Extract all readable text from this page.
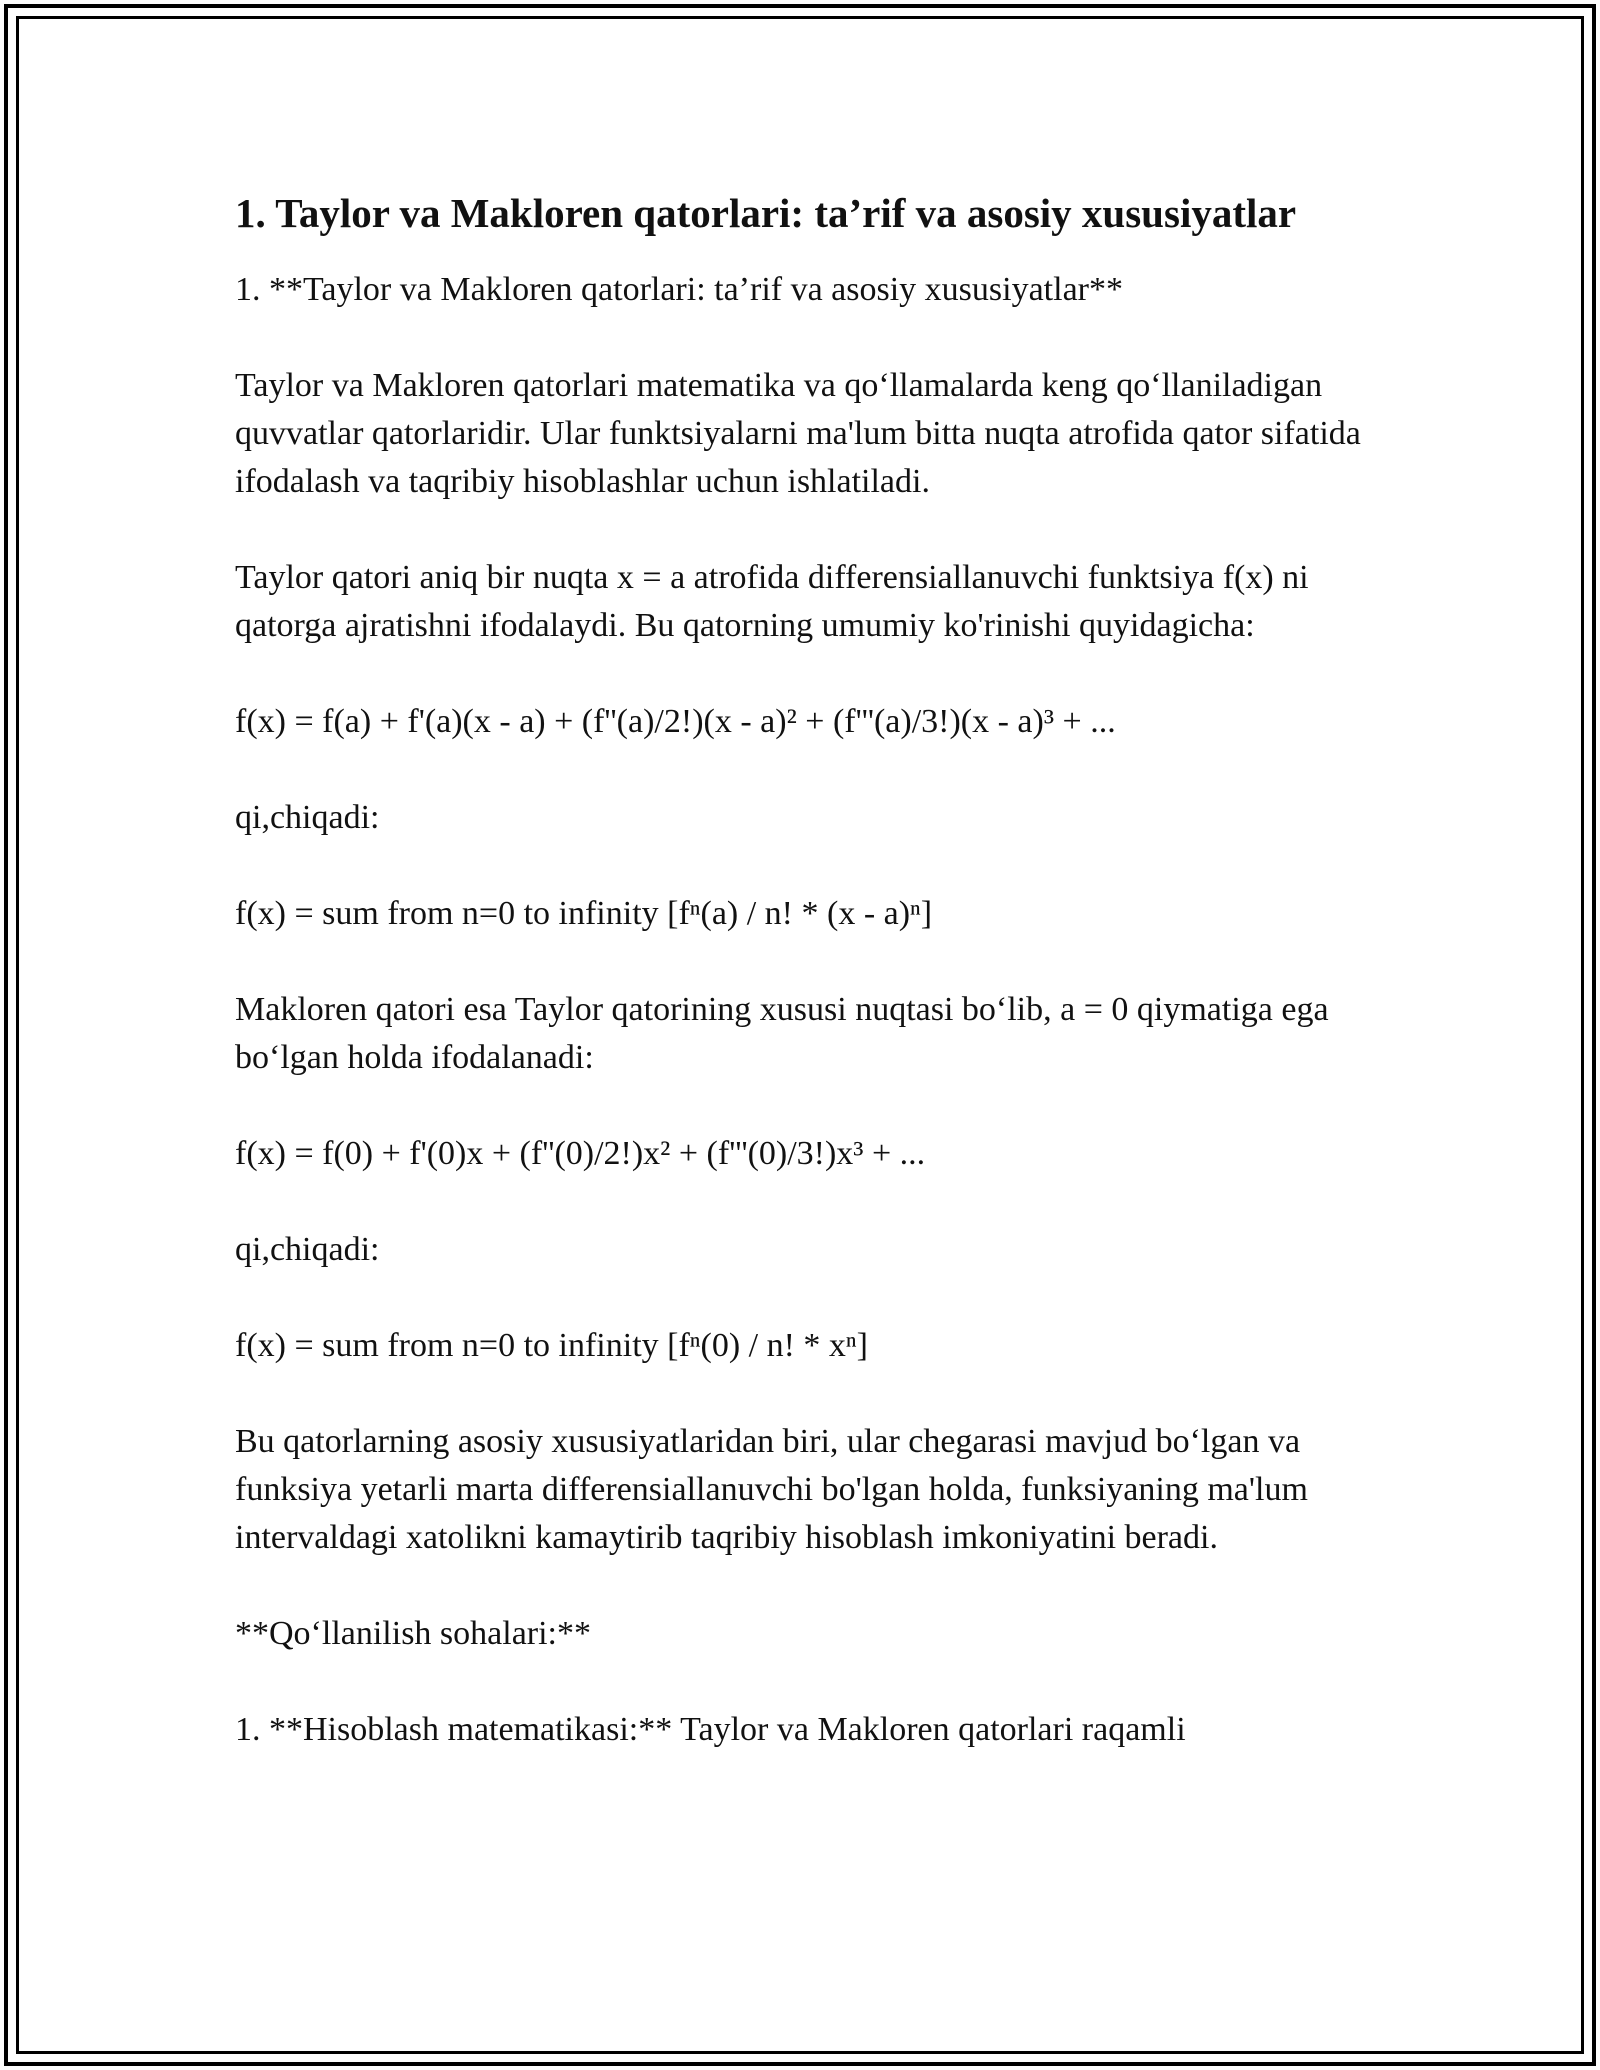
1. Taylor va Makloren qatorlari: ta’rif va asosiy xususiyatlar

1. **Taylor va Makloren qatorlari: ta’rif va asosiy xususiyatlar**

Taylor va Makloren qatorlari matematika va qo‘llamalarda keng qo‘llaniladigan quvvatlar qatorlaridir. Ular funktsiyalarni ma'lum bitta nuqta atrofida qator sifatida ifodalash va taqribiy hisoblashlar uchun ishlatiladi.

Taylor qatori aniq bir nuqta x = a atrofida differensiallanuvchi funktsiya f(x) ni qatorga ajratishni ifodalaydi. Bu qatorning umumiy ko'rinishi quyidagicha:

f(x) = f(a) + f'(a)(x - a) + (f''(a)/2!)(x - a)² + (f'''(a)/3!)(x - a)³ + ...

qi,chiqadi:

f(x) = sum from n=0 to infinity [fⁿ(a) / n! * (x - a)ⁿ]

Makloren qatori esa Taylor qatorining xususi nuqtasi bo‘lib, a = 0 qiymatiga ega bo‘lgan holda ifodalanadi:

f(x) = f(0) + f'(0)x + (f''(0)/2!)x² + (f'''(0)/3!)x³ + ...

qi,chiqadi:

f(x) = sum from n=0 to infinity [fⁿ(0) / n! * xⁿ]

Bu qatorlarning asosiy xususiyatlaridan biri, ular chegarasi mavjud bo‘lgan va funksiya yetarli marta differensiallanuvchi bo'lgan holda, funksiyaning ma'lum intervaldagi xatolikni kamaytirib taqribiy hisoblash imkoniyatini beradi.

**Qo‘llanilish sohalari:**

1. **Hisoblash matematikasi:** Taylor va Makloren qatorlari raqamli
